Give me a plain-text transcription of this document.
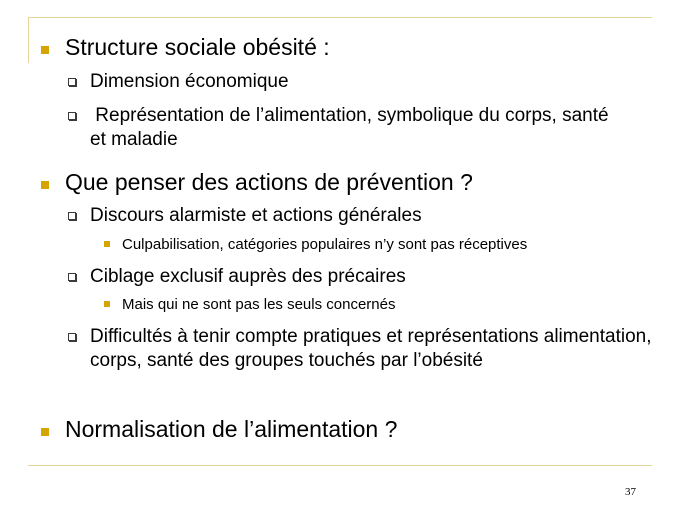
Structure sociale obésité :
Dimension économique
Représentation de l’alimentation, symbolique du corps, santé et maladie
Que penser des actions de prévention ?
Discours alarmiste et actions générales
Culpabilisation, catégories populaires n’y sont pas réceptives
Ciblage exclusif auprès des précaires
Mais qui ne sont pas les seuls concernés
Difficultés à tenir compte pratiques et représentations alimentation, corps, santé des groupes touchés par l’obésité
Normalisation de l’alimentation ?
37
